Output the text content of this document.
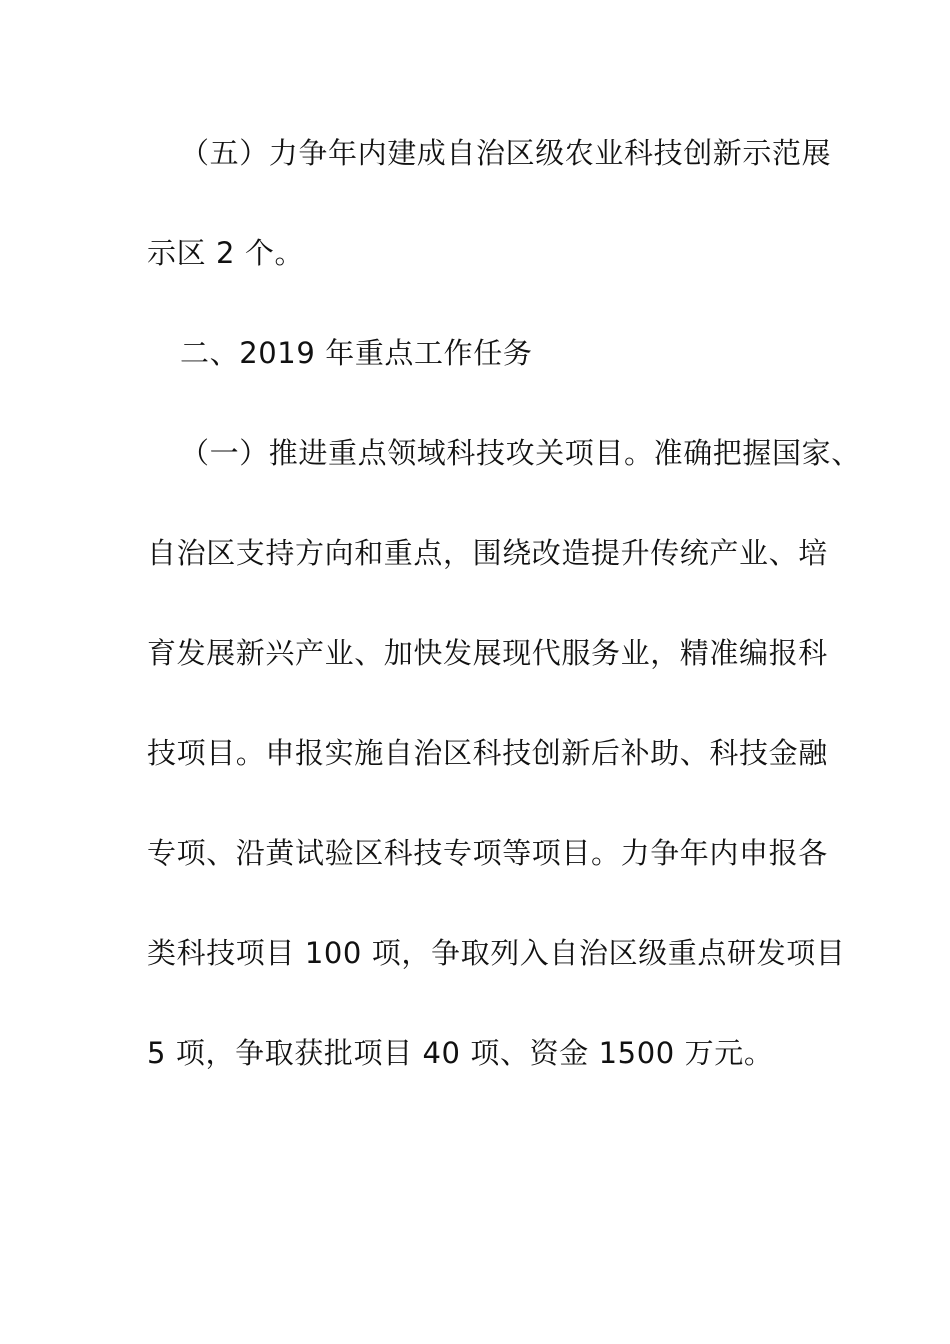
（五）力争年内建成自治区级农业科技创新示范展
示区 2 个。
二、2019 年重点工作任务
（一）推进重点领域科技攻关项目。准确把握国家、
自治区支持方向和重点，围绕改造提升传统产业、培
育发展新兴产业、加快发展现代服务业，精准编报科
技项目。申报实施自治区科技创新后补助、科技金融
专项、沿黄试验区科技专项等项目。力争年内申报各
类科技项目 100 项，争取列入自治区级重点研发项目
5 项，争取获批项目 40 项、资金 1500 万元。
